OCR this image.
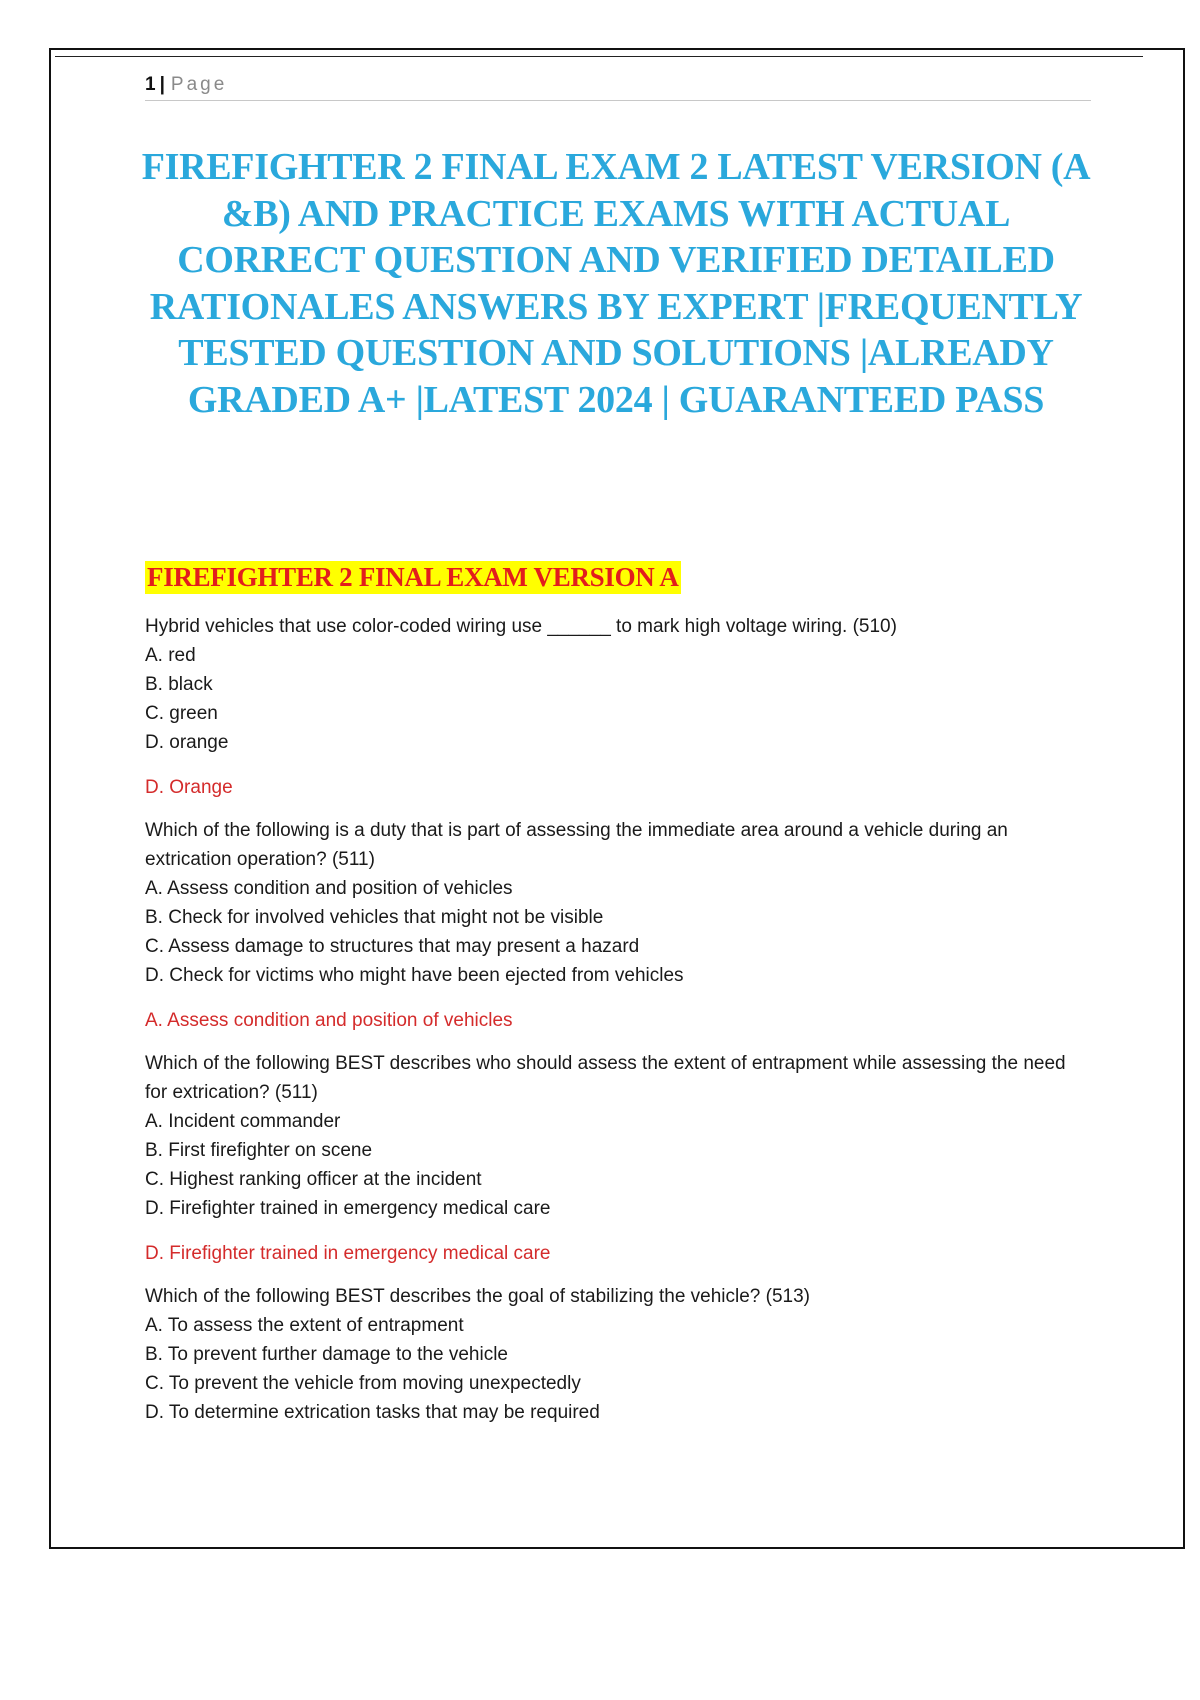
1 | Page
FIREFIGHTER 2 FINAL EXAM 2 LATEST VERSION (A &B) AND PRACTICE EXAMS WITH ACTUAL CORRECT QUESTION AND VERIFIED DETAILED RATIONALES ANSWERS BY EXPERT |FREQUENTLY TESTED QUESTION AND SOLUTIONS |ALREADY GRADED A+ |LATEST 2024 | GUARANTEED PASS
FIREFIGHTER 2 FINAL EXAM VERSION A

Hybrid vehicles that use color-coded wiring use ______ to mark high voltage wiring. (510)

A. red
B. black
C. green
D. orange

D. Orange

Which of the following is a duty that is part of assessing the immediate area around a vehicle during an extrication operation? (511)

A. Assess condition and position of vehicles
B. Check for involved vehicles that might not be visible
C. Assess damage to structures that may present a hazard
D. Check for victims who might have been ejected from vehicles

A. Assess condition and position of vehicles

Which of the following BEST describes who should assess the extent of entrapment while assessing the need for extrication? (511)

A. Incident commander
B. First firefighter on scene
C. Highest ranking officer at the incident
D. Firefighter trained in emergency medical care

D. Firefighter trained in emergency medical care

Which of the following BEST describes the goal of stabilizing the vehicle? (513)

A. To assess the extent of entrapment
B. To prevent further damage to the vehicle
C. To prevent the vehicle from moving unexpectedly
D. To determine extrication tasks that may be required
